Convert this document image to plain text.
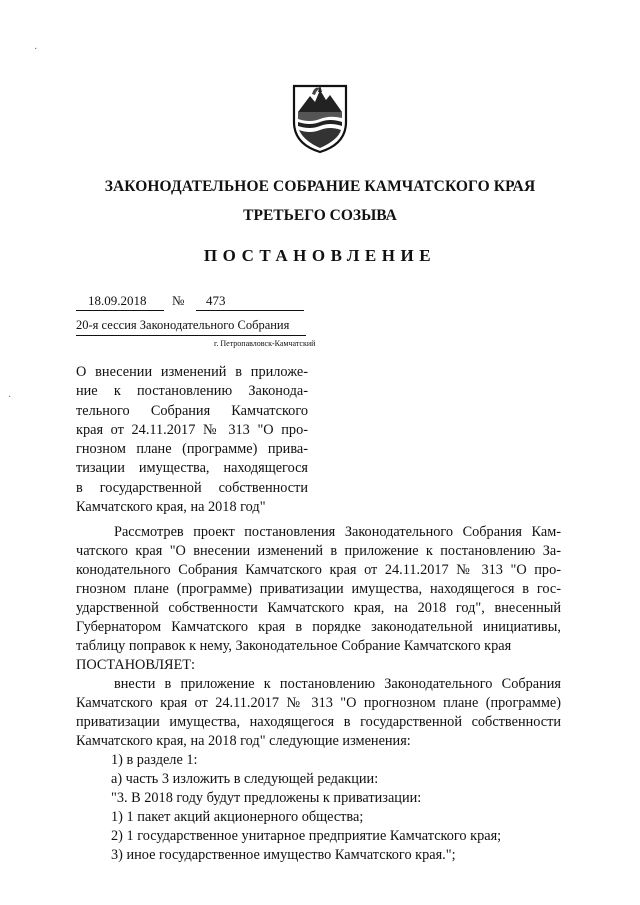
ЗАКОНОДАТЕЛЬНОЕ СОБРАНИЕ КАМЧАТСКОГО КРАЯ
ТРЕТЬЕГО СОЗЫВА
ПОСТАНОВЛЕНИЕ
18.09.2018 № 473
20-я сессия Законодательного Собрания
г. Петропавловск-Камчатский
О внесении изменений в приложе-
ние к постановлению Законода-
тельного Собрания Камчатского
края от 24.11.2017 № 313 "О про-
гнозном плане (программе) прива-
тизации имущества, находящегося
в государственной собственности
Камчатского края, на 2018 год"
Рассмотрев проект постановления Законодательного Собрания Кам-
чатского края "О внесении изменений в приложение к постановлению За-
конодательного Собрания Камчатского края от 24.11.2017 № 313 "О про-
гнозном плане (программе) приватизации имущества, находящегося в гос-
ударственной собственности Камчатского края, на 2018 год", внесенный
Губернатором Камчатского края в порядке законодательной инициативы,
таблицу поправок к нему, Законодательное Собрание Камчатского края
ПОСТАНОВЛЯЕТ:
внести в приложение к постановлению Законодательного Собрания
Камчатского края от 24.11.2017 № 313 "О прогнозном плане (программе)
приватизации имущества, находящегося в государственной собственности
Камчатского края, на 2018 год" следующие изменения:
1) в разделе 1:
а) часть 3 изложить в следующей редакции:
"3. В 2018 году будут предложены к приватизации:
1) 1 пакет акций акционерного общества;
2) 1 государственное унитарное предприятие Камчатского края;
3) иное государственное имущество Камчатского края.";
·
·
